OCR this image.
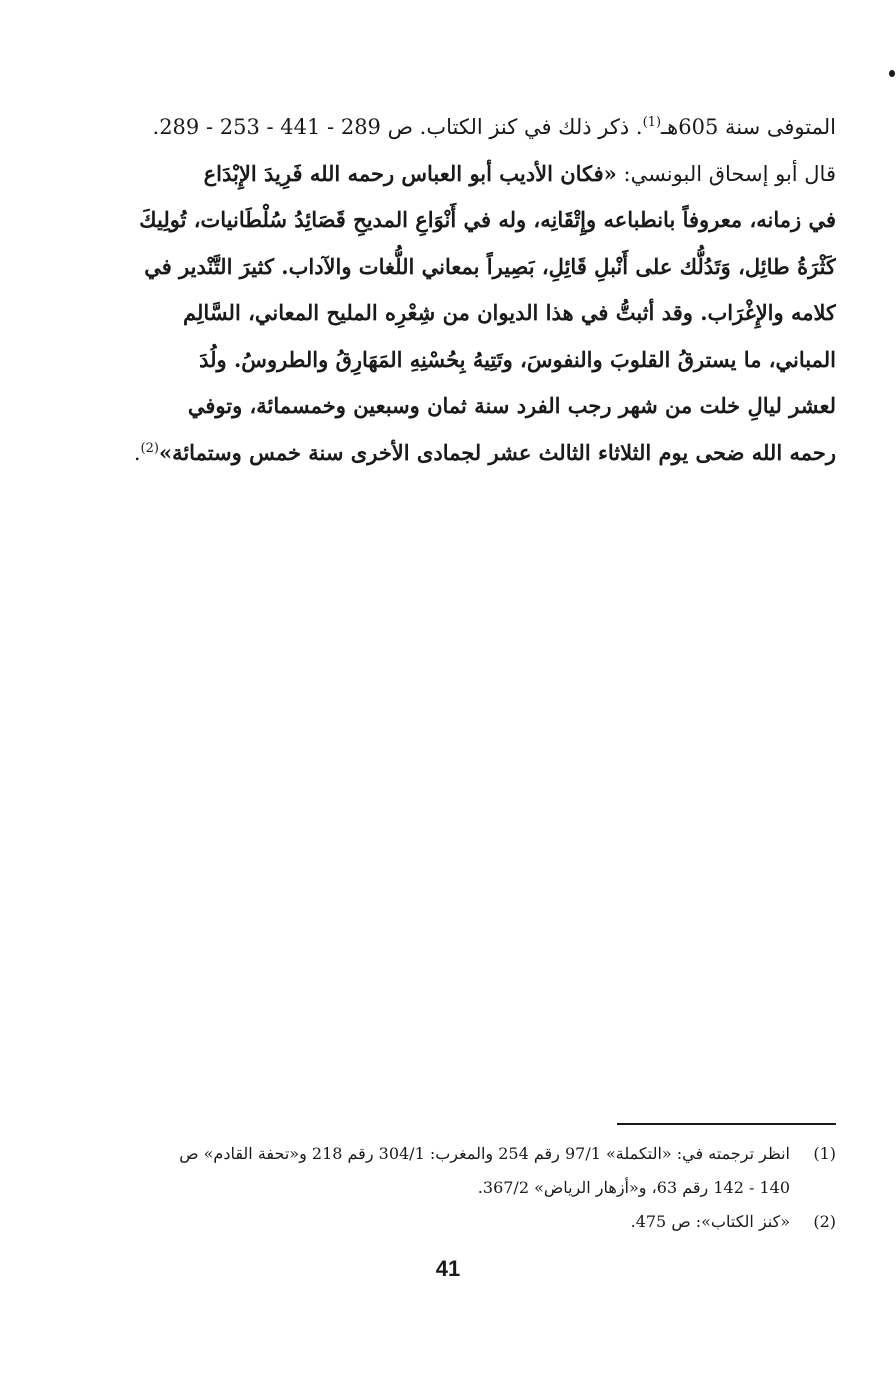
المتوفى سنة 605هـ$^{(1)}$. ذكر ذلك في كنز الكتاب. ص 289 - 441 - 253 - 289.
قال أبو إسحاق البونسي: «فكان الأديب أبو العباس رحمه الله فَرِيدَ الإِبْدَاع
في زمانه، معروفاً بانطباعه وإِتْقَانِه، وله في أَنْوَاعِ المديحِ قَصَائِدُ سُلْطَانيات، تُولِيكَ
كَثْرَةُ طائِل، وَتَدُلُّك على أَنْبلِ قَائِلِ، بَصِيراً بمعاني اللُّغات والآداب. كثيرَ التَّنْدير في
كلامه والإِغْرَاب. وقد أثبتُّ في هذا الديوان من شِعْرِه المليح المعاني، السَّالِم
المباني، ما يسترقُ القلوبَ والنفوسَ، وتَتِيهُ بِحُسْنِهِ المَهَارِقُ والطروسُ. ولُدَ
لعشر ليالِ خلت من شهر رجب الفرد سنة ثمان وسبعين وخمسمائة، وتوفي
رحمه الله ضحى يوم الثلاثاء الثالث عشر لجمادى الأخرى سنة خمس وستمائة»$^{(2)}$.
(1)
انظر ترجمته في: «التكملة» 97/1 رقم 254 والمغرب: 304/1 رقم 218 و«تحفة القادم» ص
140 - 142 رقم 63، و«أزهار الرياض» 367/2.
(2)
«كنز الكتاب»: ص 475.
41
